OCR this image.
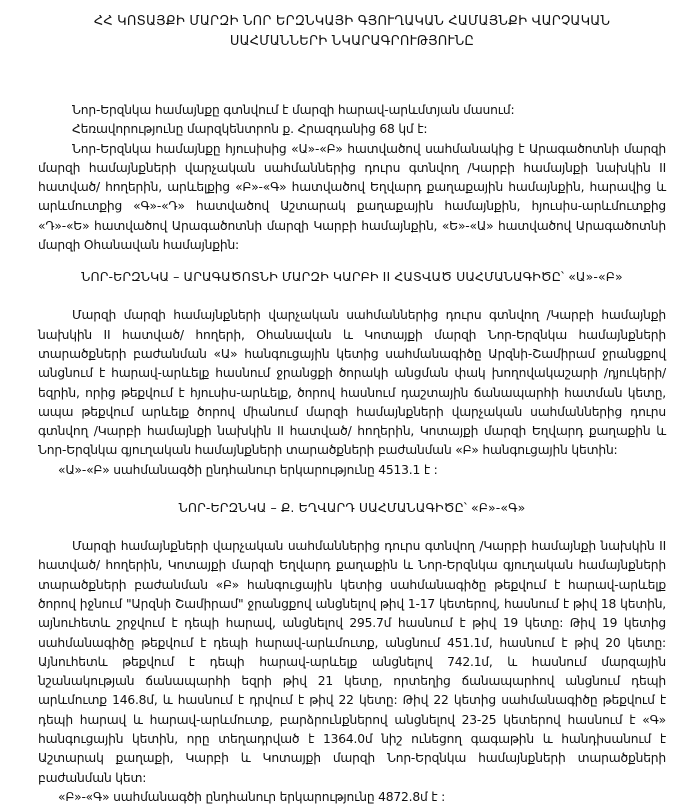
ՀՀ ԿՈՏԱՅՔԻ ՄԱՐԶԻ ՆՈՐ ԵՐԶՆԿԱՅԻ ԳՅՈՒՂԱԿԱՆ ՀԱՄԱՅՆՔԻ ՎԱՐՉԱԿԱՆ ՍԱՀՄԱՆՆԵՐԻ ՆԿԱՐԱԳՐՈՒԹՅՈՒՆԸ

Նոր-Երզնկա համայնքը գտնվում է մարզի հարավ-արևմտյան մասում:

Հեռավորությունը մարզկենտրոն ք. Հրազդանից 68 կմ է:

Նոր-Երզնկա համայնքը հյուսիսից «Ա»-«Բ» հատվածով սահմանակից է Արագածոտնի մարզի մարզի համայնքների վարչական սահմաններից դուրս գտնվող /Կարբի համայնքի նախկին II հատված/ հողերին, արևելքից «Բ»-«Գ» հատվածով Եղվարդ քաղաքային համայնքին, հարավից և արևմուտքից «Գ»-«Դ» հատվածով Աշտարակ քաղաքային համայնքին, հյուսիս-արևմուտքից «Դ»-«Ե» հատվածով Արագածոտնի մարզի Կարբի համայնքին, «Ե»-«Ա» հատվածով Արագածոտնի մարզի Օհանավան համայնքին:

ՆՈՐ-ԵՐԶՆԿԱ – ԱՐԱԳԱԾՈՏՆԻ ՄԱՐԶԻ ԿԱՐԲԻ II ՀԱՏՎԱԾ ՍԱՀՄԱՆԱԳԻԾԸ՝ «Ա»-«Բ»

Մարզի մարզի համայնքների վարչական սահմաններից դուրս գտնվող /Կարբի համայնքի նախկին II հատված/ հողերի, Օհանավան և Կոտայքի մարզի Նոր-Երզնկա համայնքների տարածքների բաժանման «Ա» հանգուցային կետից սահմանագիծը Արզնի-Շամիրամ ջրանցքով անցնում է հարավ-արևելք հասնում ջրանցքի ծորակի անցման փակ խողովակաշարի /դյուկերի/ եզրին, որից թեքվում է հյուսիս-արևելք, ծորով հասնում դաշտային ճանապարհի հատման կետը, ապա թեքվում արևելք ծորով միանում մարզի համայնքների վարչական սահմաններից դուրս գտնվող /Կարբի համայնքի նախկին II հատված/ հողերին, Կոտայքի մարզի Եղվարդ քաղաքին և Նոր-Երզնկա գյուղական համայնքների տարածքների բաժանման «Բ» հանգուցային կետին:

«Ա»-«Բ» սահմանագծի ընդհանուր երկարությունը 4513.1 է :

ՆՈՐ-ԵՐԶՆԿԱ – Ք. ԵՂՎԱՐԴ ՍԱՀՄԱՆԱԳԻԾԸ՝ «Բ»-«Գ»

Մարզի համայնքների վարչական սահմաններից դուրս գտնվող /Կարբի համայնքի նախկին II հատված/ հողերին, Կոտայքի մարզի Եղվարդ քաղաքին և Նոր-Երզնկա գյուղական համայնքների տարածքների բաժանման «Բ» հանգուցային կետից սահմանագիծը թեքվում է հարավ-արևելք ծորով իջնում "Արզնի Շամիրամ" ջրանցքով անցնելով թիվ 1-17 կետերով, հասնում է թիվ 18 կետին, այնուհետև շրջվում է դեպի հարավ, անցնելով 295.7մ հասնում է թիվ 19 կետը: Թիվ 19 կետից սահմանագիծը թեքվում է դեպի հարավ-արևմուտք, անցնում 451.1մ, հասնում է թիվ 20 կետը: Այնուհետև թեքվում է դեպի հարավ-արևելք անցնելով 742.1մ, և հասնում մարզային նշանակության ճանապարհի եզրի թիվ 21 կետը, որտեղից ճանապարհով անցնում դեպի արևմուտք 146.8մ, և հասնում է դրվում է թիվ 22 կետը: Թիվ 22 կետից սահմանագիծը թեքվում է դեպի հարավ և հարավ-արևմուտք, բարձրունքներով անցնելով 23-25 կետերով հասնում է «Գ» հանգուցային կետին, որը տեղադրված է 1364.0մ նիշ ունեցող գագաթին և հանդիսանում է Աշտարակ քաղաքի, Կարբի և Կոտայքի մարզի Նոր-Երզնկա համայնքների տարածքների բաժանման կետ:

«Բ»-«Գ» սահմանագծի ընդհանուր երկարությունը 4872.8մ է :
